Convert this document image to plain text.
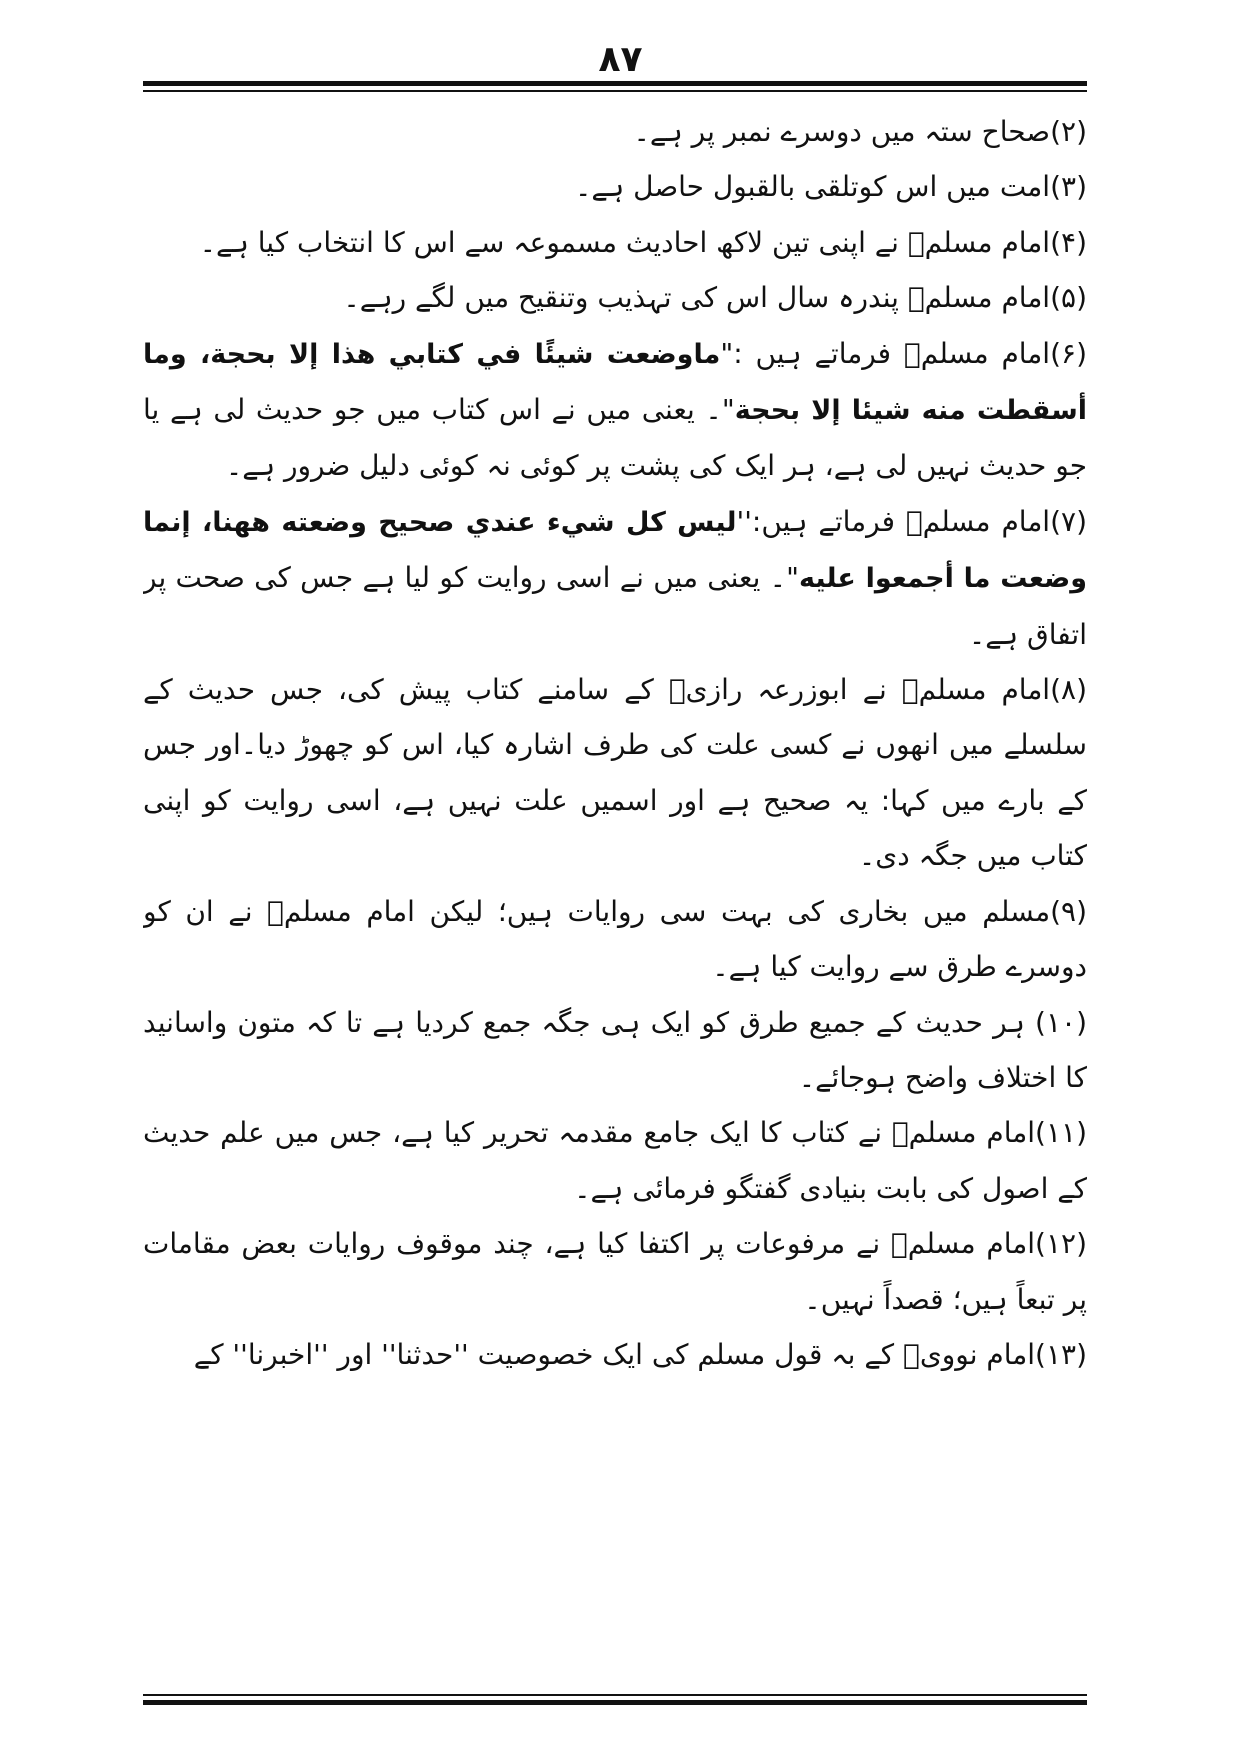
۸۷

(۲)صحاح ستہ میں دوسرے نمبر پر ہے۔

(۳)امت میں اس کوتلقی بالقبول حاصل ہے۔

(۴)امام مسلمؒ نے اپنی تین لاکھ احادیث مسموعہ سے اس کا انتخاب کیا ہے۔

(۵)امام مسلمؒ پندرہ سال اس کی تہذیب وتنقیح میں لگے رہے۔

(۶)امام مسلمؒ فرماتے ہیں :"ماوضعت شيئًا في كتابي هذا إلا بحجة، وما أسقطت منه شيئا إلا بحجة"۔ یعنی میں نے اس کتاب میں جو حدیث لی ہے یا جو حدیث نہیں لی ہے، ہر ایک کی پشت پر کوئی نہ کوئی دلیل ضرور ہے۔

(۷)امام مسلمؒ فرماتے ہیں:''ليس كل شيء عندي صحيح وضعته ههنا، إنما وضعت ما أجمعوا عليه"۔ یعنی میں نے اسی روایت کو لیا ہے جس کی صحت پر اتفاق ہے۔

(۸)امام مسلمؒ نے ابوزرعہ رازیؒ کے سامنے کتاب پیش کی، جس حدیث کے سلسلے میں انھوں نے کسی علت کی طرف اشارہ کیا، اس کو چھوڑ دیا۔اور جس کے بارے میں کہا: یہ صحیح ہے اور اسمیں علت نہیں ہے، اسی روایت کو اپنی کتاب میں جگہ دی۔

(۹)مسلم میں بخاری کی بہت سی روایات ہیں؛ لیکن امام مسلمؒ نے ان کو دوسرے طرق سے روایت کیا ہے۔

(۱۰) ہر حدیث کے جمیع طرق کو ایک ہی جگہ جمع کردیا ہے تا کہ متون واسانید کا اختلاف واضح ہوجائے۔

(۱۱)امام مسلمؒ نے کتاب کا ایک جامع مقدمہ تحریر کیا ہے، جس میں علم حدیث کے اصول کی بابت بنیادی گفتگو فرمائی ہے۔

(۱۲)امام مسلمؒ نے مرفوعات پر اکتفا کیا ہے، چند موقوف روایات بعض مقامات پر تبعاً ہیں؛ قصداً نہیں۔

(۱۳)امام نوویؒ کے بہ قول مسلم کی ایک خصوصیت ''حدثنا'' اور ''اخبرنا'' کے
